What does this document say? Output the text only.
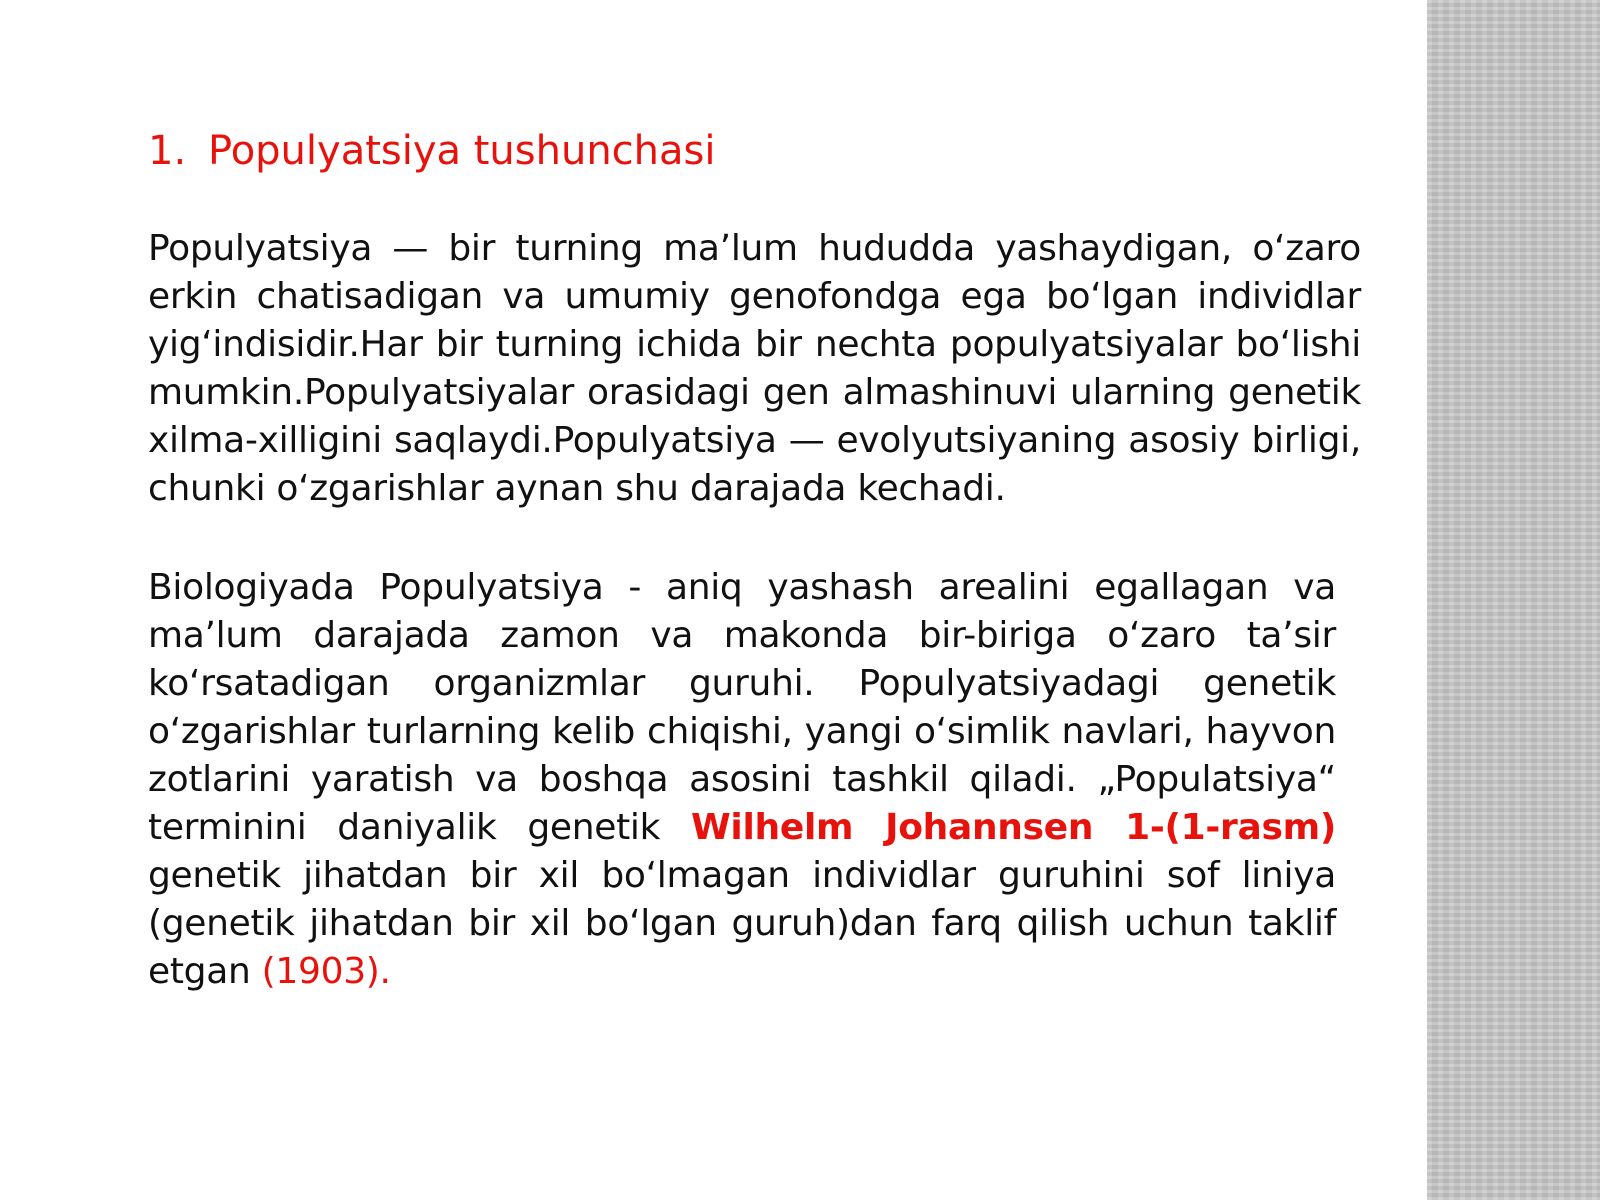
1. Populyatsiya tushunchasi

Populyatsiya — bir turning ma’lum hududda yashaydigan, o‘zaro erkin chatisadigan va umumiy genofondga ega bo‘lgan individlar yig‘indisidir.Har bir turning ichida bir nechta populyatsiyalar bo‘lishi mumkin.Populyatsiyalar orasidagi gen almashinuvi ularning genetik xilma-xilligini saqlaydi.Populyatsiya — evolyutsiyaning asosiy birligi, chunki o‘zgarishlar aynan shu darajada kechadi.

Biologiyada Populyatsiya - aniq yashash arealini egallagan va ma’lum darajada zamon va makonda bir-biriga o‘zaro ta’sir ko‘rsatadigan organizmlar guruhi. Populyatsiyadagi genetik o‘zgarishlar turlarning kelib chiqishi, yangi o‘simlik navlari, hayvon zotlarini yaratish va boshqa asosini tashkil qiladi. „Populatsiya“ terminini daniyalik genetik Wilhelm Johannsen 1-(1-rasm) genetik jihatdan bir xil bo‘lmagan individlar guruhini sof liniya (genetik jihatdan bir xil bo‘lgan guruh)dan farq qilish uchun taklif etgan (1903).
